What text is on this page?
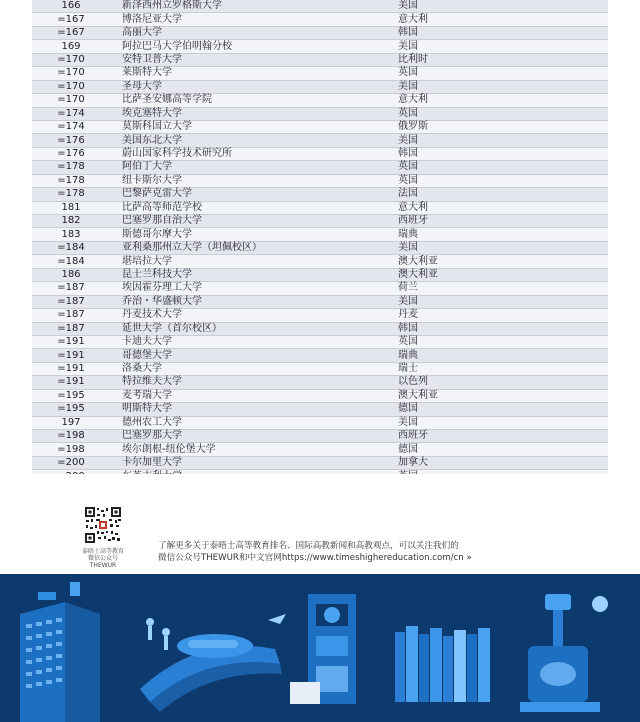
166	新泽西州立罗格斯大学	美国
=167	博洛尼亚大学	意大利
=167	高丽大学	韩国
169	阿拉巴马大学伯明翰分校	美国
=170	安特卫普大学	比利时
=170	莱斯特大学	英国
=170	圣母大学	美国
=170	比萨圣安娜高等学院	意大利
=174	埃克塞特大学	英国
=174	莫斯科国立大学	俄罗斯
=176	美国东北大学	美国
=176	蔚山国家科学技术研究所	韩国
=178	阿伯丁大学	英国
=178	纽卡斯尔大学	英国
=178	巴黎萨克雷大学	法国
181	比萨高等师范学校	意大利
182	巴塞罗那自治大学	西班牙
183	斯德哥尔摩大学	瑞典
=184	亚利桑那州立大学（坦佩校区）	美国
=184	堪培拉大学	澳大利亚
186	昆士兰科技大学	澳大利亚
=187	埃因霍芬理工大学	荷兰
=187	乔治・华盛顿大学	美国
=187	丹麦技术大学	丹麦
=187	延世大学（首尔校区）	韩国
=191	卡迪夫大学	英国
=191	哥德堡大学	瑞典
=191	洛桑大学	瑞士
=191	特拉维夫大学	以色列
=195	麦考瑞大学	澳大利亚
=195	明斯特大学	德国
197	德州农工大学	美国
=198	巴塞罗那大学	西班牙
=198	埃尔朗根-纽伦堡大学	德国
=200	卡尔加里大学	加拿大

泰晤士高等教育
微信公众号
THEWUR
了解更多关于泰晤士高等教育排名、国际高教新闻和高教观点，可以关注我们的
微信公众号THEWUR和中文官网https://www.timeshighereducation.com/cn »
